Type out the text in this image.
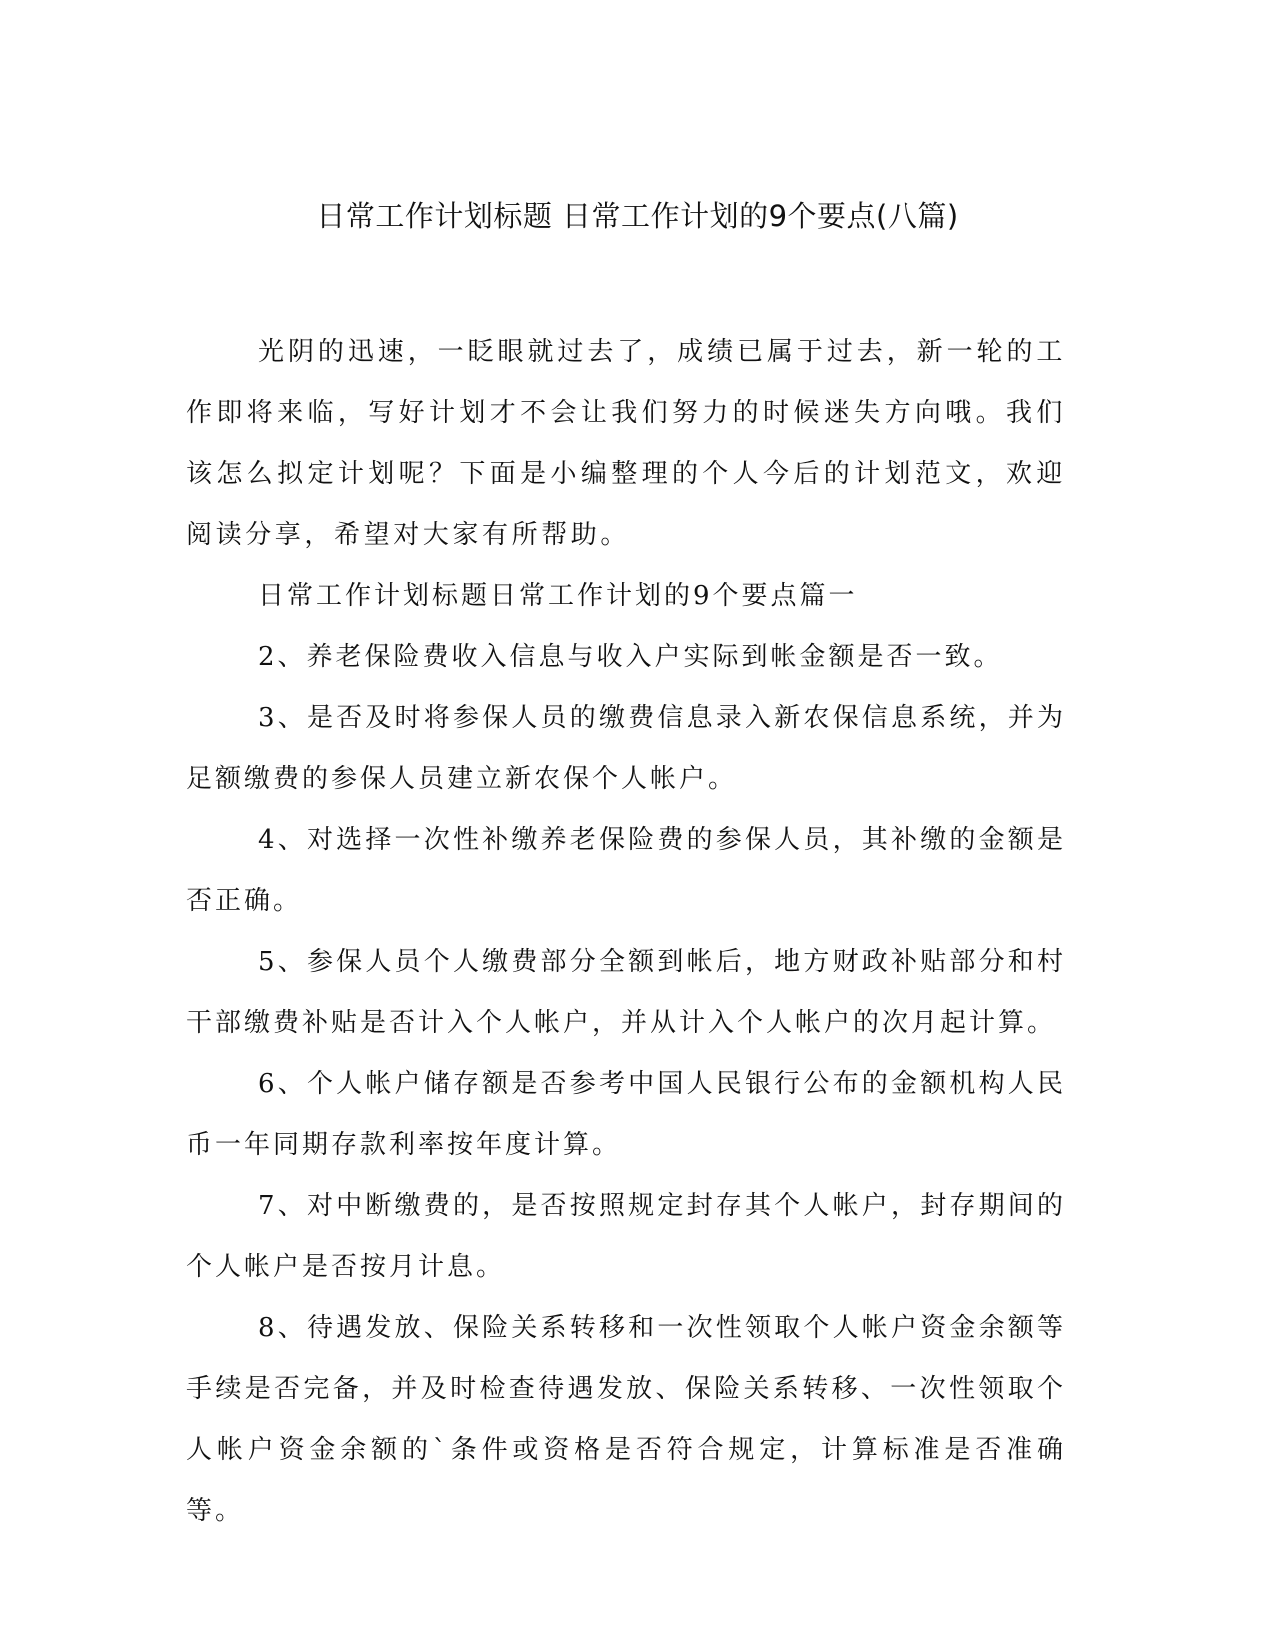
日常工作计划标题 日常工作计划的9个要点(八篇)

光阴的迅速，一眨眼就过去了，成绩已属于过去，新一轮的工作即将来临，写好计划才不会让我们努力的时候迷失方向哦。我们该怎么拟定计划呢？下面是小编整理的个人今后的计划范文，欢迎阅读分享，希望对大家有所帮助。

日常工作计划标题日常工作计划的9个要点篇一

2、养老保险费收入信息与收入户实际到帐金额是否一致。

3、是否及时将参保人员的缴费信息录入新农保信息系统，并为足额缴费的参保人员建立新农保个人帐户。

4、对选择一次性补缴养老保险费的参保人员，其补缴的金额是否正确。

5、参保人员个人缴费部分全额到帐后，地方财政补贴部分和村干部缴费补贴是否计入个人帐户，并从计入个人帐户的次月起计算。

6、个人帐户储存额是否参考中国人民银行公布的金额机构人民币一年同期存款利率按年度计算。

7、对中断缴费的，是否按照规定封存其个人帐户，封存期间的个人帐户是否按月计息。

8、待遇发放、保险关系转移和一次性领取个人帐户资金余额等手续是否完备，并及时检查待遇发放、保险关系转移、一次性领取个人帐户资金余额的`条件或资格是否符合规定，计算标准是否准确等。
